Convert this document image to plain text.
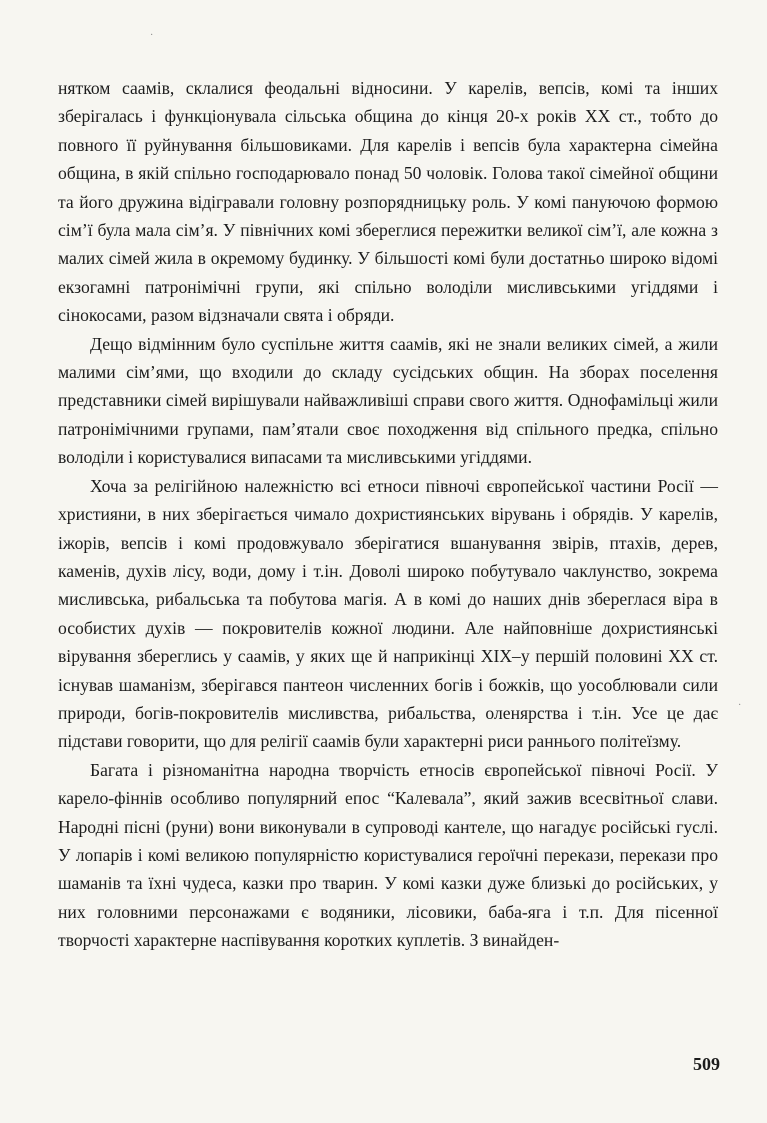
нятком саамів, склалися феодальні відносини. У карелів, вепсів, комі та інших зберігалась і функціонувала сільська община до кінця 20-х років XX ст., тобто до повного її руйнування більшовиками. Для карелів і вепсів була характерна сімейна община, в якій спільно господарювало понад 50 чоловік. Голова такої сімейної общини та його дружина відігравали головну розпорядницьку роль. У комі пануючою формою сім’ї була мала сім’я. У північних комі збереглися пережитки великої сім’ї, але кожна з малих сімей жила в окремому будинку. У більшості комі були достатньо широко відомі екзогамні патронімічні групи, які спільно володіли мисливськими угіддями і сінокосами, разом відзначали свята і обряди.

Дещо відмінним було суспільне життя саамів, які не знали великих сімей, а жили малими сім’ями, що входили до складу сусідських общин. На зборах поселення представники сімей вирішували найважливіші справи свого життя. Однофамільці жили патронімічними групами, пам’ятали своє походження від спільного предка, спільно володіли і користувалися випасами та мисливськими угіддями.

Хоча за релігійною належністю всі етноси півночі європейської частини Росії — християни, в них зберігається чимало дохристиянських вірувань і обрядів. У карелів, іжорів, вепсів і комі продовжувало зберігатися вшанування звірів, птахів, дерев, каменів, духів лісу, води, дому і т.ін. Доволі широко побутувало чаклунство, зокрема мисливська, рибальська та побутова магія. А в комі до наших днів збереглася віра в особистих духів — покровителів кожної людини. Але найповніше дохристиянські вірування збереглись у саамів, у яких ще й наприкінці XIX–у першій половині XX ст. існував шаманізм, зберігався пантеон численних богів і божків, що уособлювали сили природи, богів-покровителів мисливства, рибальства, оленярства і т.ін. Усе це дає підстави говорити, що для релігії саамів були характерні риси раннього політеїзму.

Багата і різноманітна народна творчість етносів європейської півночі Росії. У карело-фіннів особливо популярний епос “Калевала”, який зажив всесвітньої слави. Народні пісні (руни) вони виконували в супроводі кантеле, що нагадує російські гуслі. У лопарів і комі великою популярністю користувалися героїчні перекази, перекази про шаманів та їхні чудеса, казки про тварин. У комі казки дуже близькі до російських, у них головними персонажами є водяники, лісовики, баба-яга і т.п. Для пісенної творчості характерне наспівування коротких куплетів. З винайден-

509
·
·
